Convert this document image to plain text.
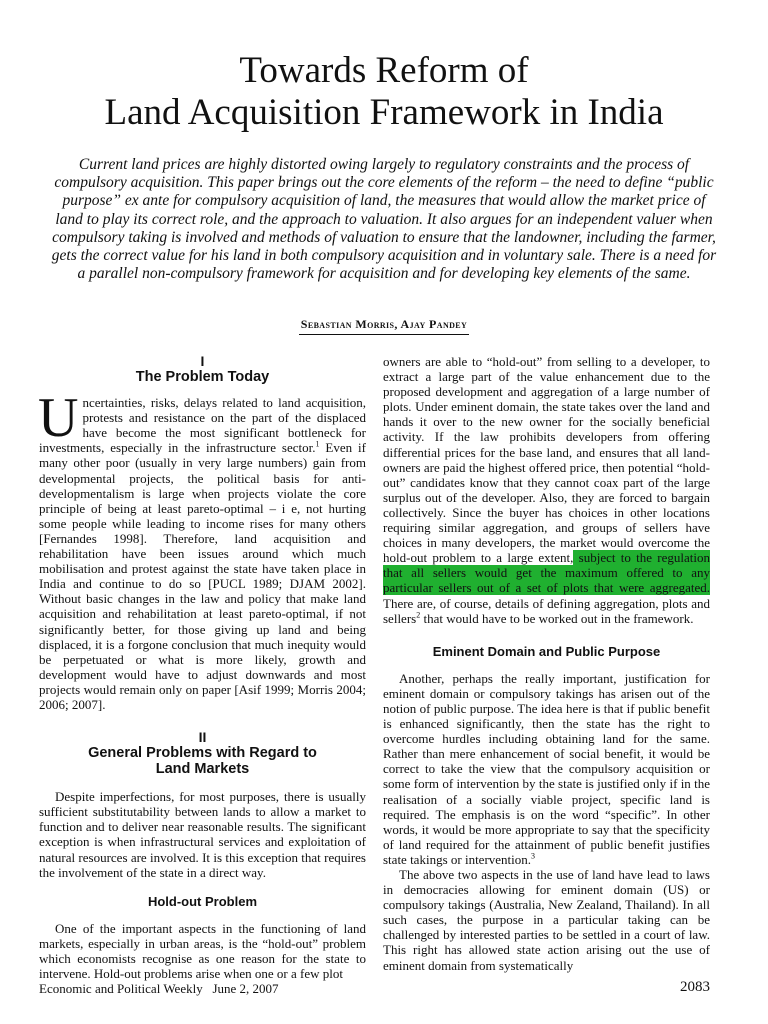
Towards Reform of
Land Acquisition Framework in India
Current land prices are highly distorted owing largely to regulatory constraints and the process of compulsory acquisition. This paper brings out the core elements of the reform – the need to define “public purpose” ex ante for compulsory acquisition of land, the measures that would allow the market price of land to play its correct role, and the approach to valuation. It also argues for an independent valuer when compulsory taking is involved and methods of valuation to ensure that the landowner, including the farmer, gets the correct value for his land in both compulsory acquisition and in voluntary sale. There is a need for a parallel non-compulsory framework for acquisition and for developing key elements of the same.
Sebastian Morris, Ajay Pandey
I
The Problem Today

Uncertainties, risks, delays related to land acquisition, protests and resistance on the part of the displaced have become the most significant bottleneck for investments, especially in the infrastructure sector.$^1$ Even if many other poor (usually in very large numbers) gain from developmental projects, the political basis for anti-developmentalism is large when projects violate the core principle of being at least pareto-optimal – i e, not hurting some people while leading to income rises for many others [Fernandes 1998]. Therefore, land acquisition and rehabilitation have been issues around which much mobilisation and protest against the state have taken place in India and continue to do so [PUCL 1989; DJAM 2002]. Without basic changes in the law and policy that make land acquisition and rehabilitation at least pareto-optimal, if not significantly better, for those giving up land and being displaced, it is a forgone conclusion that much inequity would be perpetuated or what is more likely, growth and development would have to adjust downwards and most projects would remain only on paper [Asif 1999; Morris 2004; 2006; 2007].

II
General Problems with Regard to Land Markets

Despite imperfections, for most purposes, there is usually sufficient substitutability between lands to allow a market to function and to deliver near reasonable results. The significant exception is when infrastructural services and exploitation of natural resources are involved. It is this exception that requires the involvement of the state in a direct way.

Hold-out Problem

One of the important aspects in the functioning of land markets, especially in urban areas, is the “hold-out” problem which economists recognise as one reason for the state to intervene. Hold-out problems arise when one or a few plot

owners are able to “hold-out” from selling to a developer, to extract a large part of the value enhancement due to the proposed development and aggregation of a large number of plots. Under eminent domain, the state takes over the land and hands it over to the new owner for the socially beneficial activity. If the law prohibits developers from offering differential prices for the base land, and ensures that all land-owners are paid the highest offered price, then potential “hold-out” candidates know that they cannot coax part of the large surplus out of the developer. Also, they are forced to bargain collectively. Since the buyer has choices in other locations requiring similar aggregation, and groups of sellers have choices in many developers, the market would overcome the hold-out problem to a large extent, subject to the regulation that all sellers would get the maximum offered to any particular sellers out of a set of plots that were aggregated. There are, of course, details of defining aggregation, plots and sellers$^2$ that would have to be worked out in the framework.

Eminent Domain and Public Purpose

Another, perhaps the really important, justification for eminent domain or compulsory takings has arisen out of the notion of public purpose. The idea here is that if public benefit is enhanced significantly, then the state has the right to overcome hurdles including obtaining land for the same. Rather than mere enhancement of social benefit, it would be correct to take the view that the compulsory acquisition or some form of intervention by the state is justified only if in the realisation of a socially viable project, specific land is required. The emphasis is on the word “specific”. In other words, it would be more appropriate to say that the specificity of land required for the attainment of public benefit justifies state takings or intervention.$^3$

The above two aspects in the use of land have lead to laws in democracies allowing for eminent domain (US) or compulsory takings (Australia, New Zealand, Thailand). In all such cases, the purpose in a particular taking can be challenged by interested parties to be settled in a court of law. This right has allowed state action arising out the use of eminent domain from systematically

Economic and Political Weekly   June 2, 2007	2083
